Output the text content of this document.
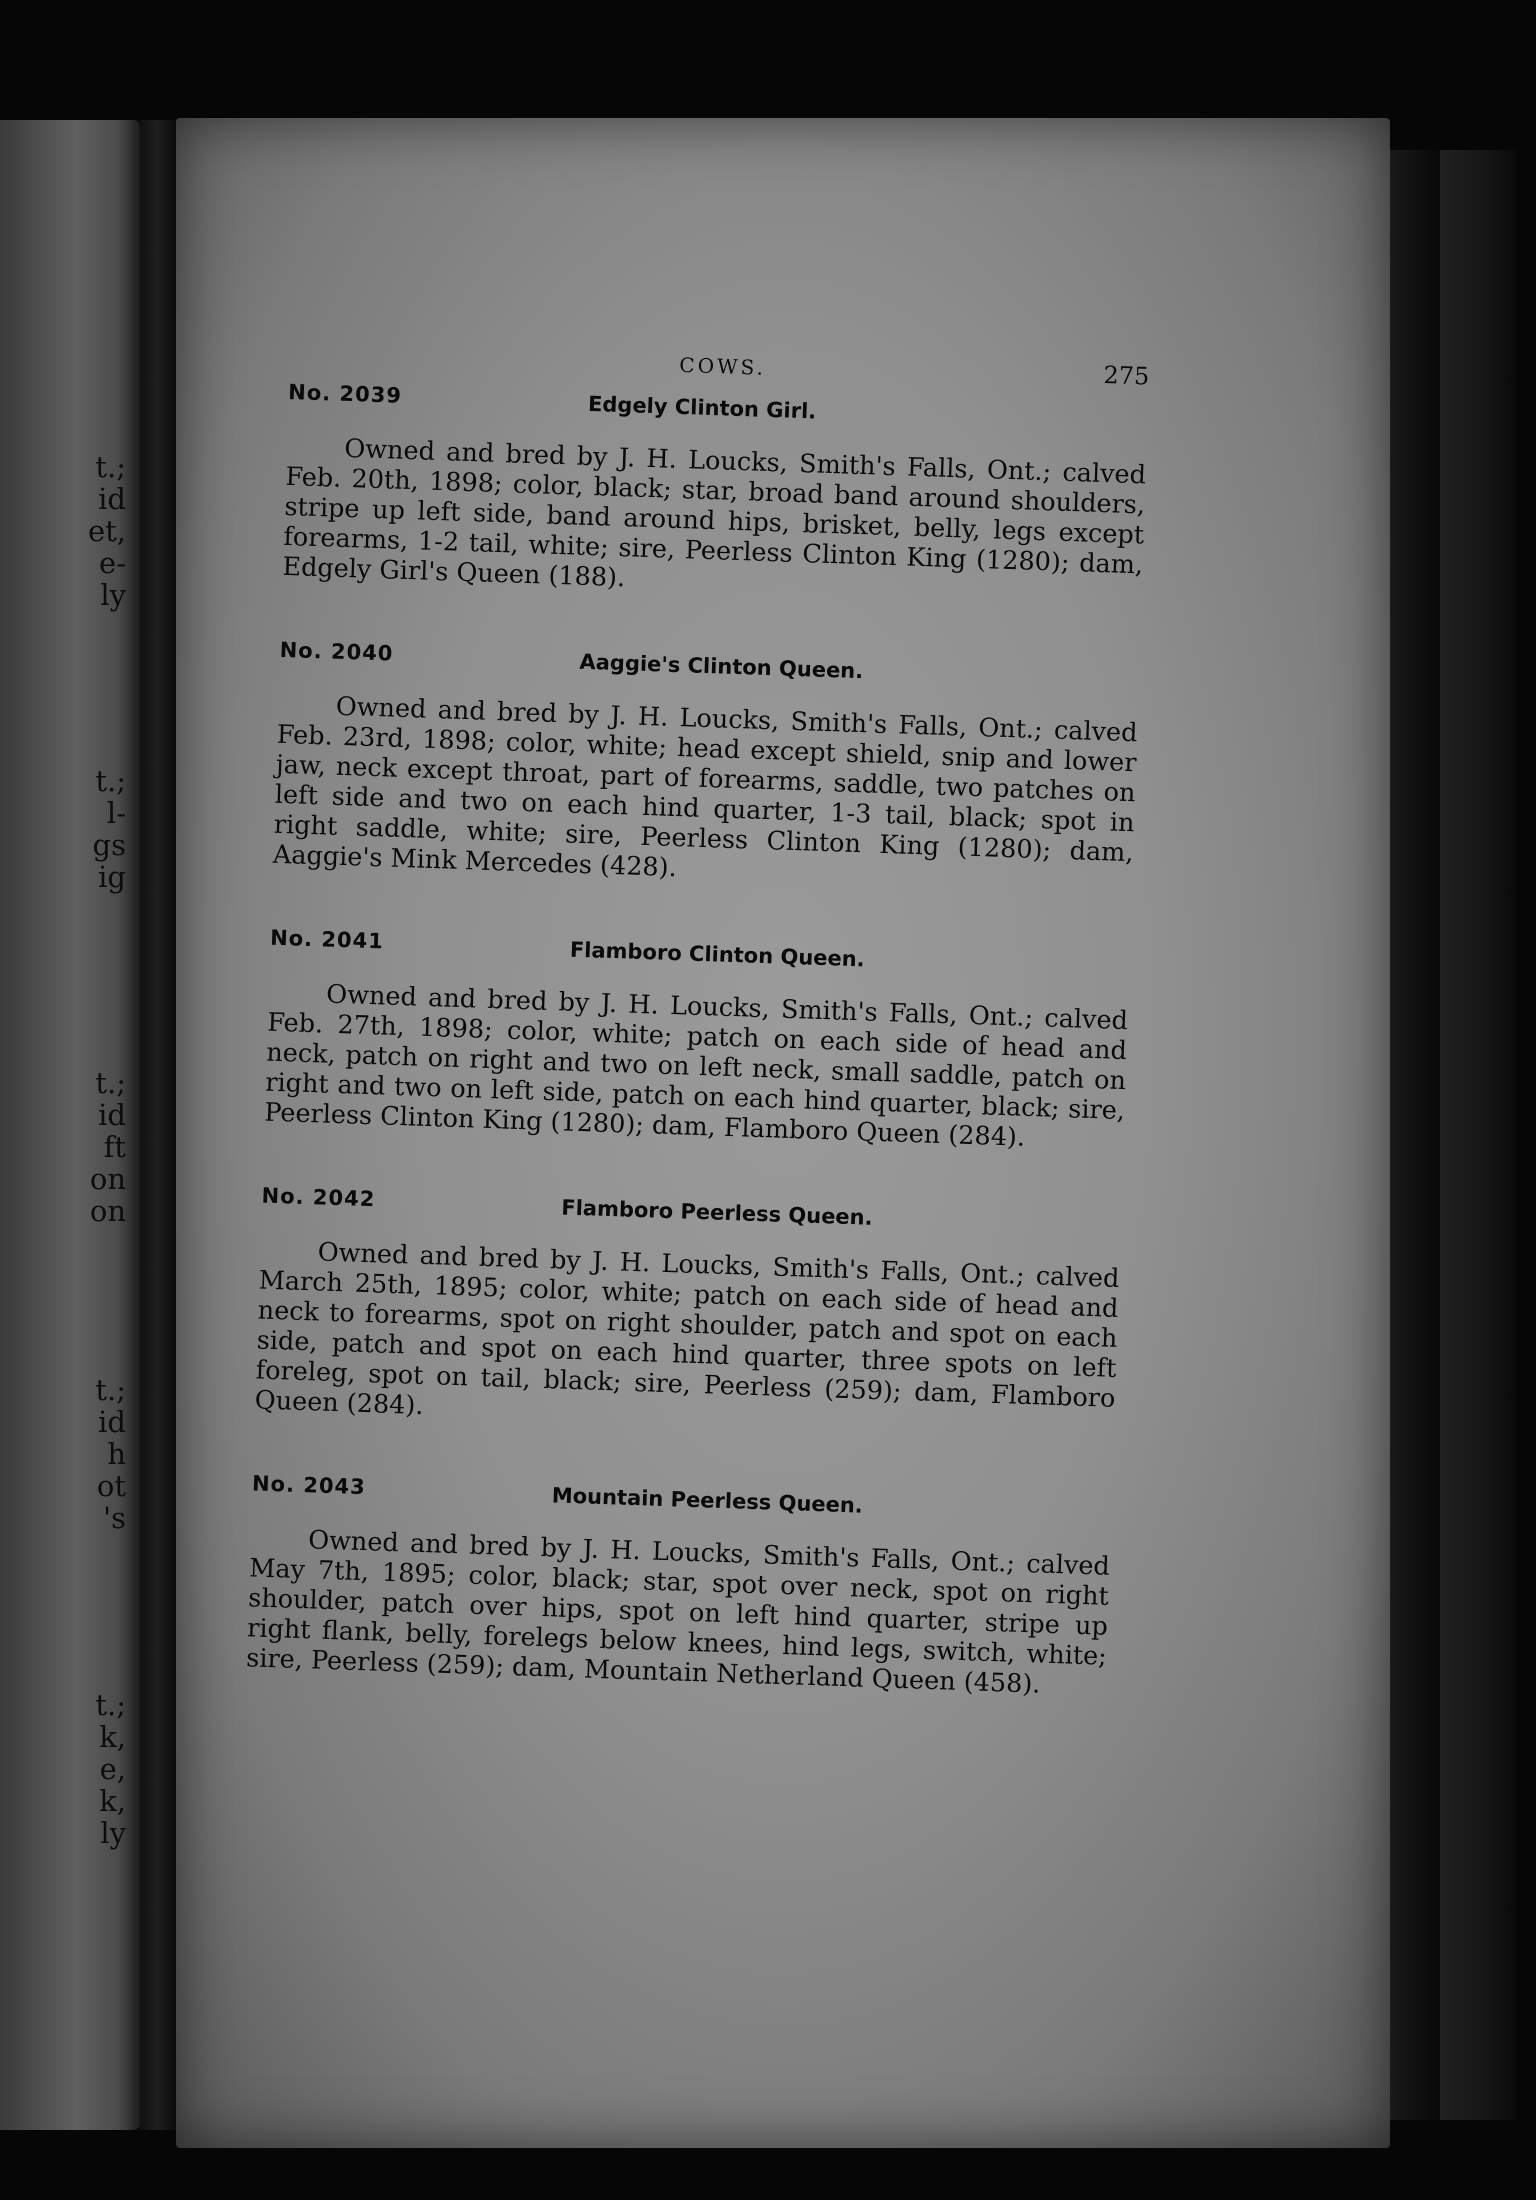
t.;
id
et,
e-
ly
t.;
l-
gs
ig
t.;
id
ft
on
on
t.;
id
h
ot
's
t.;
k,
e,
k,
ly
COWS.	275
No. 2039	Edgely Clinton Girl.

Owned and bred by J. H. Loucks, Smith's Falls, Ont.; calved Feb. 20th, 1898; color, black; star, broad band around shoulders, stripe up left side, band around hips, brisket, belly, legs except forearms, 1-2 tail, white; sire, Peerless Clinton King (1280); dam, Edgely Girl's Queen (188).

No. 2040	Aaggie's Clinton Queen.

Owned and bred by J. H. Loucks, Smith's Falls, Ont.; calved Feb. 23rd, 1898; color, white; head except shield, snip and lower jaw, neck except throat, part of forearms, saddle, two patches on left side and two on each hind quarter, 1-3 tail, black; spot in right saddle, white; sire, Peerless Clinton King (1280); dam, Aaggie's Mink Mercedes (428).

No. 2041	Flamboro Clinton Queen.

Owned and bred by J. H. Loucks, Smith's Falls, Ont.; calved Feb. 27th, 1898; color, white; patch on each side of head and neck, patch on right and two on left neck, small saddle, patch on right and two on left side, patch on each hind quarter, black; sire, Peerless Clinton King (1280); dam, Flamboro Queen (284).

No. 2042	Flamboro Peerless Queen.

Owned and bred by J. H. Loucks, Smith's Falls, Ont.; calved March 25th, 1895; color, white; patch on each side of head and neck to forearms, spot on right shoulder, patch and spot on each side, patch and spot on each hind quarter, three spots on left foreleg, spot on tail, black; sire, Peerless (259); dam, Flamboro Queen (284).

No. 2043	Mountain Peerless Queen.

Owned and bred by J. H. Loucks, Smith's Falls, Ont.; calved May 7th, 1895; color, black; star, spot over neck, spot on right shoulder, patch over hips, spot on left hind quarter, stripe up right flank, belly, forelegs below knees, hind legs, switch, white; sire, Peerless (259); dam, Mountain Netherland Queen (458).
